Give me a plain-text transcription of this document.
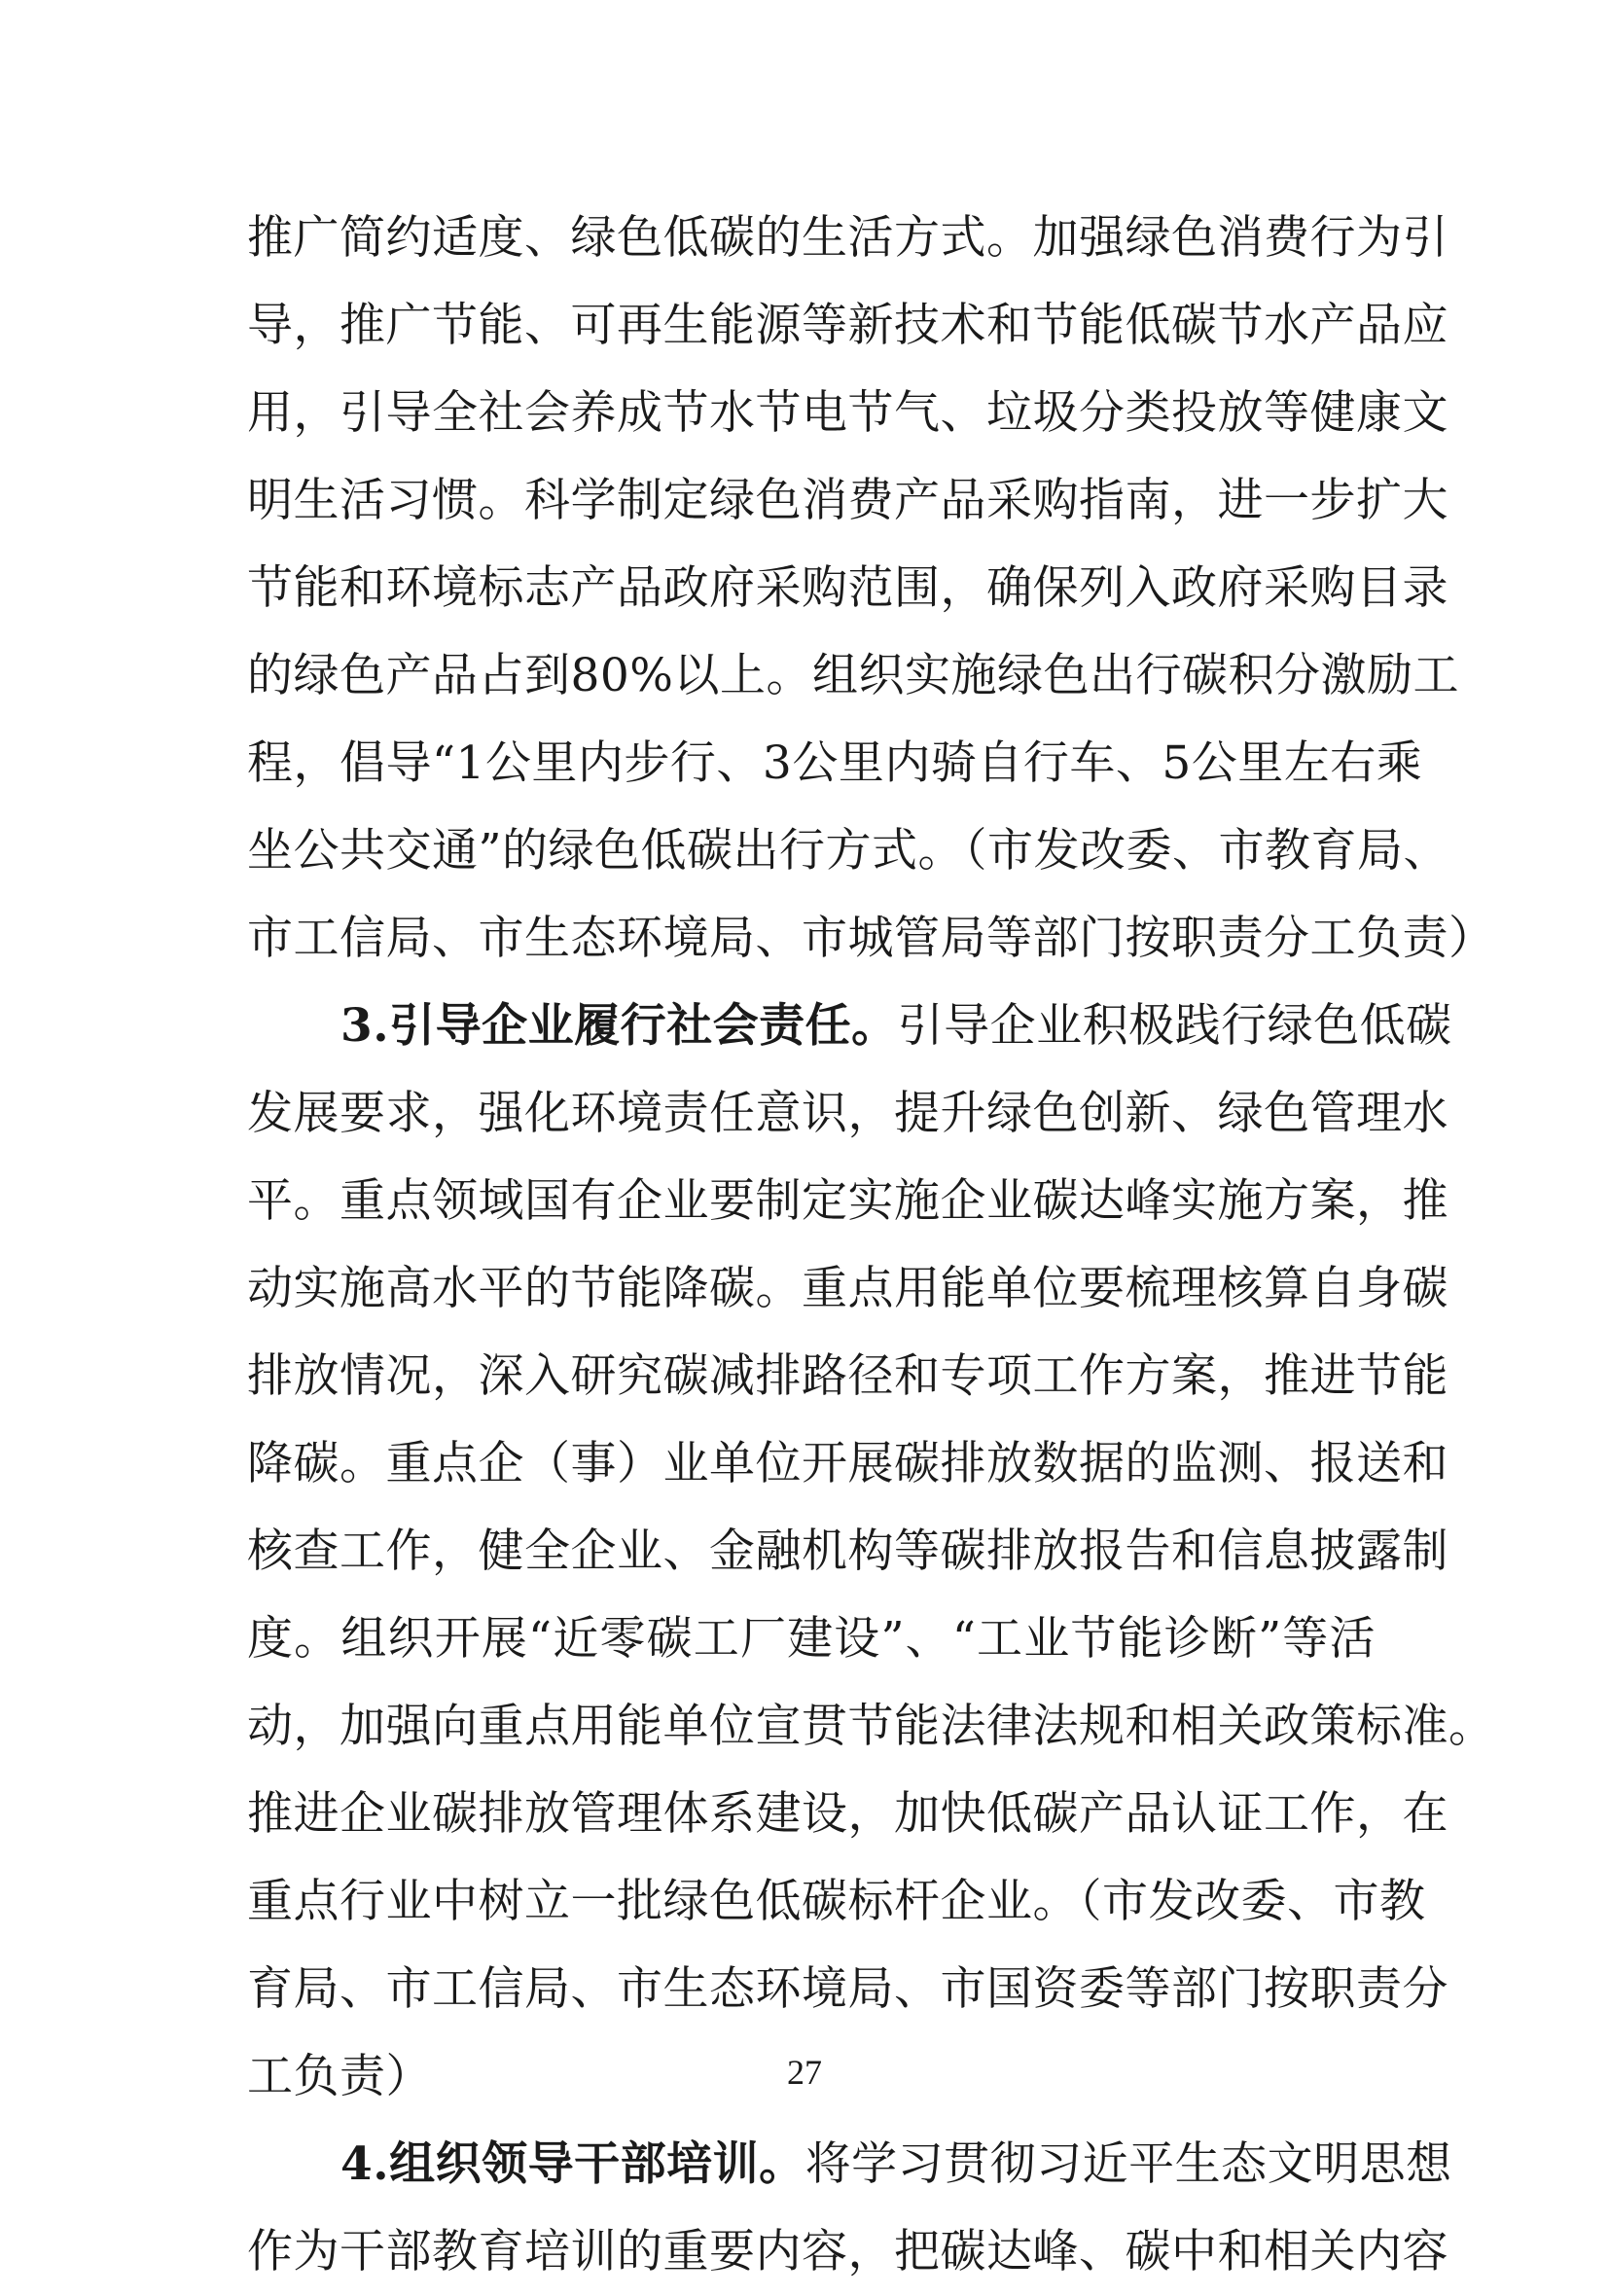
推广简约适度、绿色低碳的生活方式。加强绿色消费行为引
导，推广节能、可再生能源等新技术和节能低碳节水产品应
用，引导全社会养成节水节电节气、垃圾分类投放等健康文
明生活习惯。科学制定绿色消费产品采购指南，进一步扩大
节能和环境标志产品政府采购范围，确保列入政府采购目录
的绿色产品占到80%以上。组织实施绿色出行碳积分激励工
程，倡导“1公里内步行、3公里内骑自行车、5公里左右乘
坐公共交通”的绿色低碳出行方式。（市发改委、市教育局、
市工信局、市生态环境局、市城管局等部门按职责分工负责）
3.引导企业履行社会责任。引导企业积极践行绿色低碳
发展要求，强化环境责任意识，提升绿色创新、绿色管理水
平。重点领域国有企业要制定实施企业碳达峰实施方案，推
动实施高水平的节能降碳。重点用能单位要梳理核算自身碳
排放情况，深入研究碳减排路径和专项工作方案，推进节能
降碳。重点企（事）业单位开展碳排放数据的监测、报送和
核查工作，健全企业、金融机构等碳排放报告和信息披露制
度。组织开展“近零碳工厂建设”、“工业节能诊断”等活
动，加强向重点用能单位宣贯节能法律法规和相关政策标准。
推进企业碳排放管理体系建设，加快低碳产品认证工作，在
重点行业中树立一批绿色低碳标杆企业。（市发改委、市教
育局、市工信局、市生态环境局、市国资委等部门按职责分
工负责）
4.组织领导干部培训。将学习贯彻习近平生态文明思想
作为干部教育培训的重要内容，把碳达峰、碳中和相关内容
27
